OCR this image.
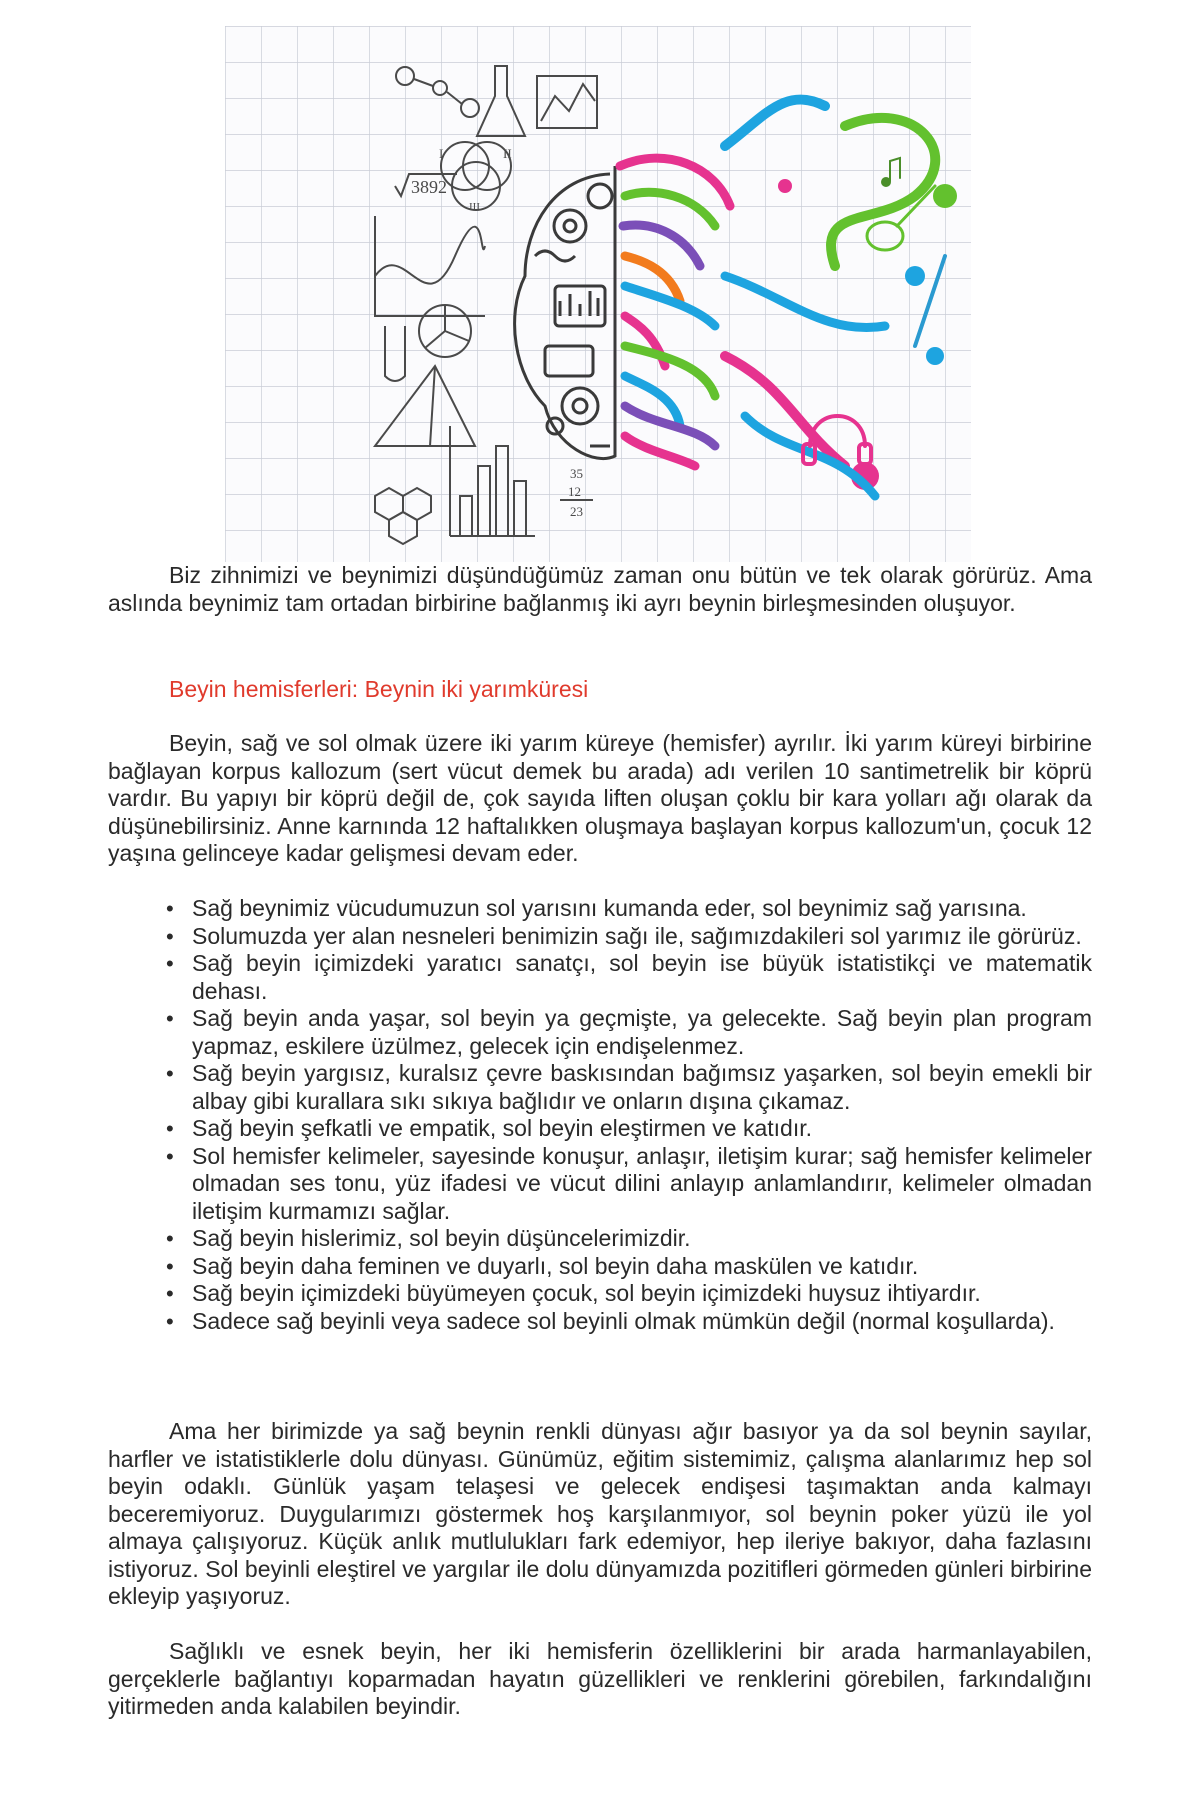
I	II
III
3892
35
12
23

Biz zihnimizi ve beynimizi düşündüğümüz zaman onu bütün ve tek olarak görürüz. Ama aslında beynimiz tam ortadan birbirine bağlanmış iki ayrı beynin birleşmesinden oluşuyor.

Beyin hemisferleri: Beynin iki yarımküresi

Beyin, sağ ve sol olmak üzere iki yarım küreye (hemisfer) ayrılır. İki yarım küreyi birbirine bağlayan korpus kallozum (sert vücut demek bu arada) adı verilen 10 santimetrelik bir köprü vardır. Bu yapıyı bir köprü değil de, çok sayıda liften oluşan çoklu bir kara yolları ağı olarak da düşünebilirsiniz. Anne karnında 12 haftalıkken oluşmaya başlayan korpus kallozum'un, çocuk 12 yaşına gelinceye kadar gelişmesi devam eder.

• Sağ beynimiz vücudumuzun sol yarısını kumanda eder, sol beynimiz sağ yarısına.
• Solumuzda yer alan nesneleri benimizin sağı ile, sağımızdakileri sol yarımız ile görürüz.
• Sağ beyin içimizdeki yaratıcı sanatçı, sol beyin ise büyük istatistikçi ve matematik dehası.
• Sağ beyin anda yaşar, sol beyin ya geçmişte, ya gelecekte. Sağ beyin plan program yapmaz, eskilere üzülmez, gelecek için endişelenmez.
• Sağ beyin yargısız, kuralsız çevre baskısından bağımsız yaşarken, sol beyin emekli bir albay gibi kurallara sıkı sıkıya bağlıdır ve onların dışına çıkamaz.
• Sağ beyin şefkatli ve empatik, sol beyin eleştirmen ve katıdır.
• Sol hemisfer kelimeler, sayesinde konuşur, anlaşır, iletişim kurar; sağ hemisfer kelimeler olmadan ses tonu, yüz ifadesi ve vücut dilini anlayıp anlamlandırır, kelimeler olmadan iletişim kurmamızı sağlar.
• Sağ beyin hislerimiz, sol beyin düşüncelerimizdir.
• Sağ beyin daha feminen ve duyarlı, sol beyin daha maskülen ve katıdır.
• Sağ beyin içimizdeki büyümeyen çocuk, sol beyin içimizdeki huysuz ihtiyardır.
• Sadece sağ beyinli veya sadece sol beyinli olmak mümkün değil (normal koşullarda).

Ama her birimizde ya sağ beynin renkli dünyası ağır basıyor ya da sol beynin sayılar, harfler ve istatistiklerle dolu dünyası. Günümüz, eğitim sistemimiz, çalışma alanlarımız hep sol beyin odaklı. Günlük yaşam telaşesi ve gelecek endişesi taşımaktan anda kalmayı beceremiyoruz. Duygularımızı göstermek hoş karşılanmıyor, sol beynin poker yüzü ile yol almaya çalışıyoruz. Küçük anlık mutlulukları fark edemiyor, hep ileriye bakıyor, daha fazlasını istiyoruz. Sol beyinli eleştirel ve yargılar ile dolu dünyamızda pozitifleri görmeden günleri birbirine ekleyip yaşıyoruz.

Sağlıklı ve esnek beyin, her iki hemisferin özelliklerini bir arada harmanlayabilen, gerçeklerle bağlantıyı koparmadan hayatın güzellikleri ve renklerini görebilen, farkındalığını yitirmeden anda kalabilen beyindir.
